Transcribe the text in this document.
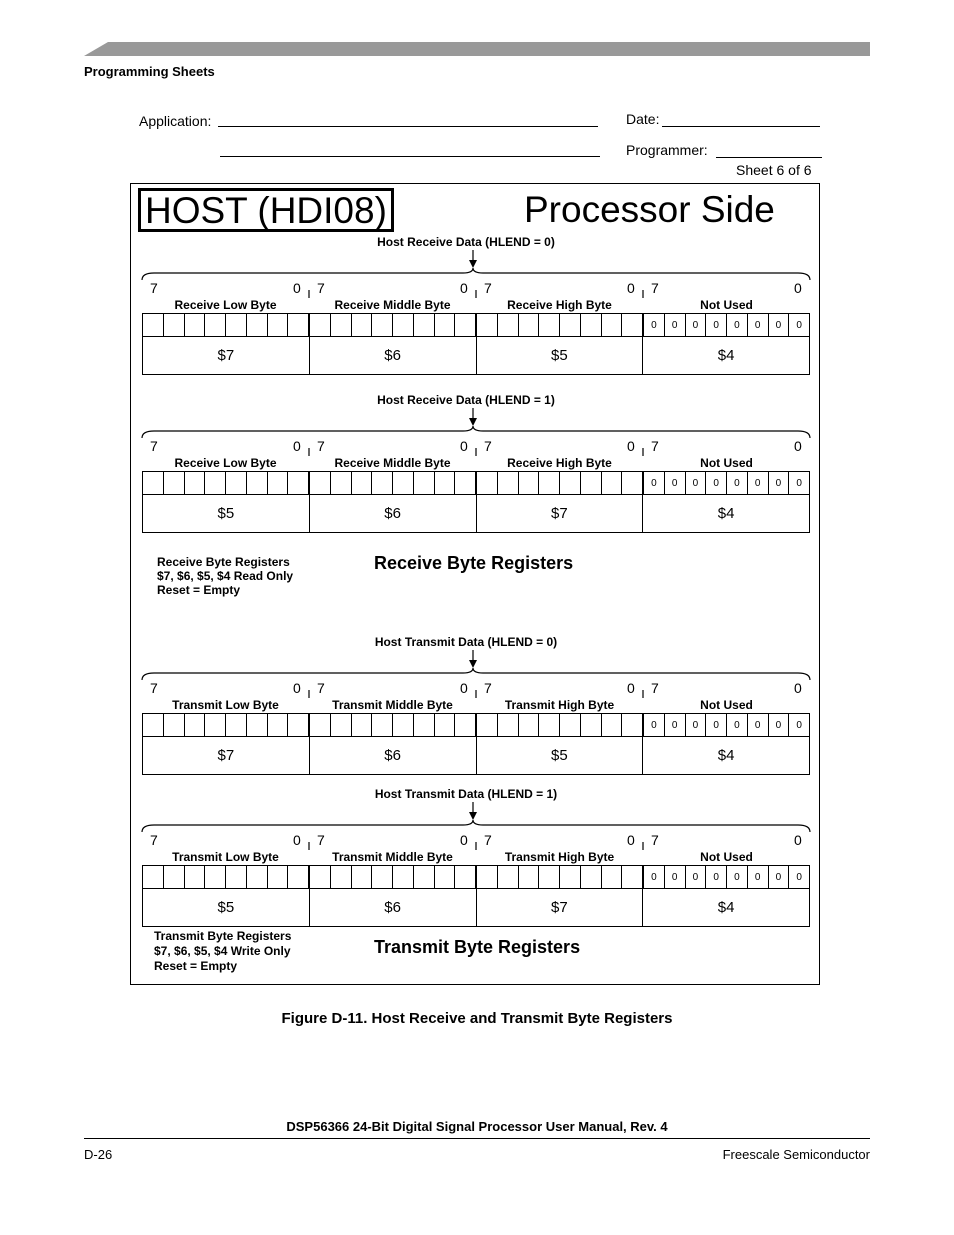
Programming Sheets
Application:	Date:
Programmer:
Sheet 6 of 6
HOST (HDI08)	Processor Side
Host Receive Data (HLEND = 0)
7	0 7	0 7	0 7	0
Receive Low Byte	Receive Middle Byte	Receive High Byte	Not Used
0	0	0	0	0	0	0	0
$7	$6	$5	$4
Host Receive Data (HLEND = 1)
7	0 7	0 7	0 7	0
Receive Low Byte	Receive Middle Byte	Receive High Byte	Not Used
0	0	0	0	0	0	0	0
$5	$6	$7	$4
Host Transmit Data (HLEND = 0)
7	0 7	0 7	0 7	0
Transmit Low Byte	Transmit Middle Byte	Transmit High Byte	Not Used
0	0	0	0	0	0	0	0
$7	$6	$5	$4
Host Transmit Data (HLEND = 1)
7	0 7	0 7	0 7	0
Transmit Low Byte	Transmit Middle Byte	Transmit High Byte	Not Used
0	0	0	0	0	0	0	0
$5	$6	$7	$4
Receive Byte Registers
$7, $6, $5, $4 Read Only
Reset = Empty
Receive Byte Registers
Transmit Byte Registers
$7, $6, $5, $4 Write Only
Reset = Empty
Transmit Byte Registers
Figure D-11. Host Receive and Transmit Byte Registers
DSP56366 24-Bit Digital Signal Processor User Manual, Rev. 4
D-26	Freescale Semiconductor
